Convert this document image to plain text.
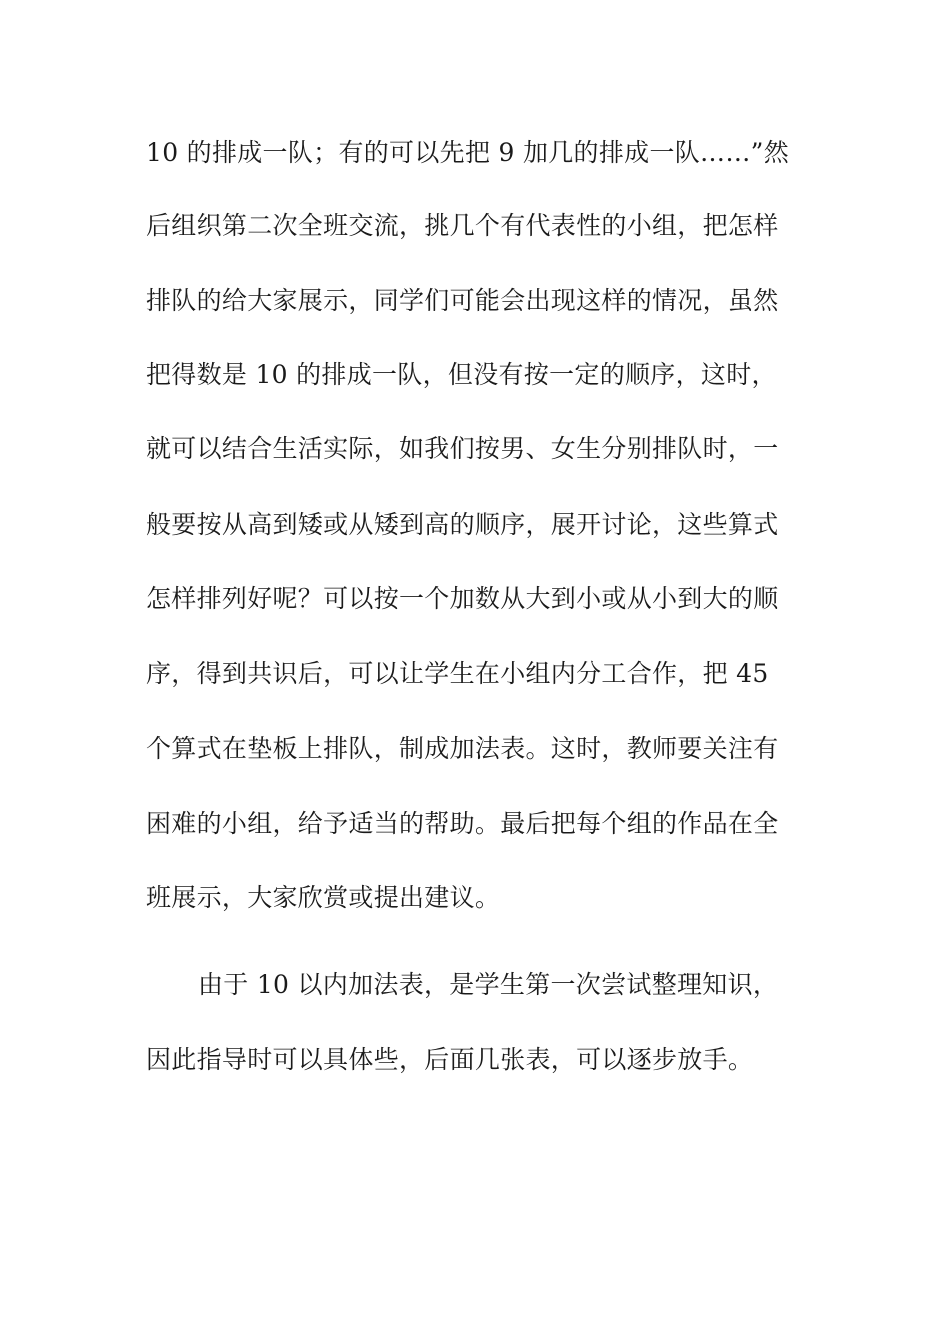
10 的排成一队；有的可以先把 9 加几的排成一队……”然
后组织第二次全班交流，挑几个有代表性的小组，把怎样
排队的给大家展示，同学们可能会出现这样的情况，虽然
把得数是 10 的排成一队，但没有按一定的顺序，这时，
就可以结合生活实际，如我们按男、女生分别排队时，一
般要按从高到矮或从矮到高的顺序，展开讨论，这些算式
怎样排列好呢？可以按一个加数从大到小或从小到大的顺
序，得到共识后，可以让学生在小组内分工合作，把 45
个算式在垫板上排队，制成加法表。这时，教师要关注有
困难的小组，给予适当的帮助。最后把每个组的作品在全
班展示，大家欣赏或提出建议。
由于 10 以内加法表，是学生第一次尝试整理知识，
因此指导时可以具体些，后面几张表，可以逐步放手。
